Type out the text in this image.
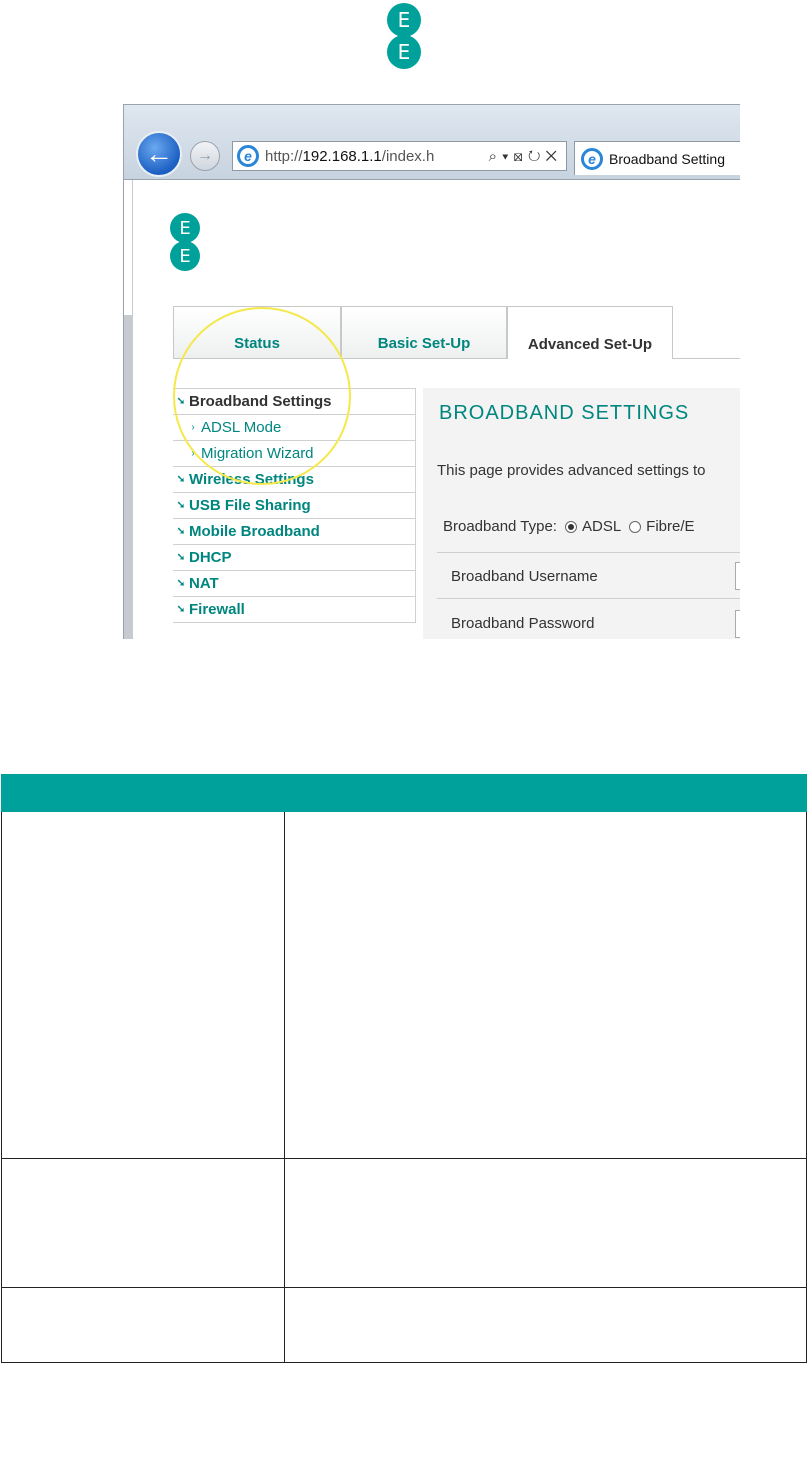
E
E
← →	e http://192.168.1.1/index.h	⌕▾⊠↻✕	e Broadband Setting
E
E
Status	Basic Set-Up	Advanced Set-Up
➘ Broadband Settings
› ADSL Mode
› Migration Wizard
➘ Wireless Settings
➘ USB File Sharing
➘ Mobile Broadband
➘ DHCP
➘ NAT
➘ Firewall
BROADBAND SETTINGS
This page provides advanced settings to
Broadband Type: ADSL Fibre/E
Broadband Username
Broadband Password
